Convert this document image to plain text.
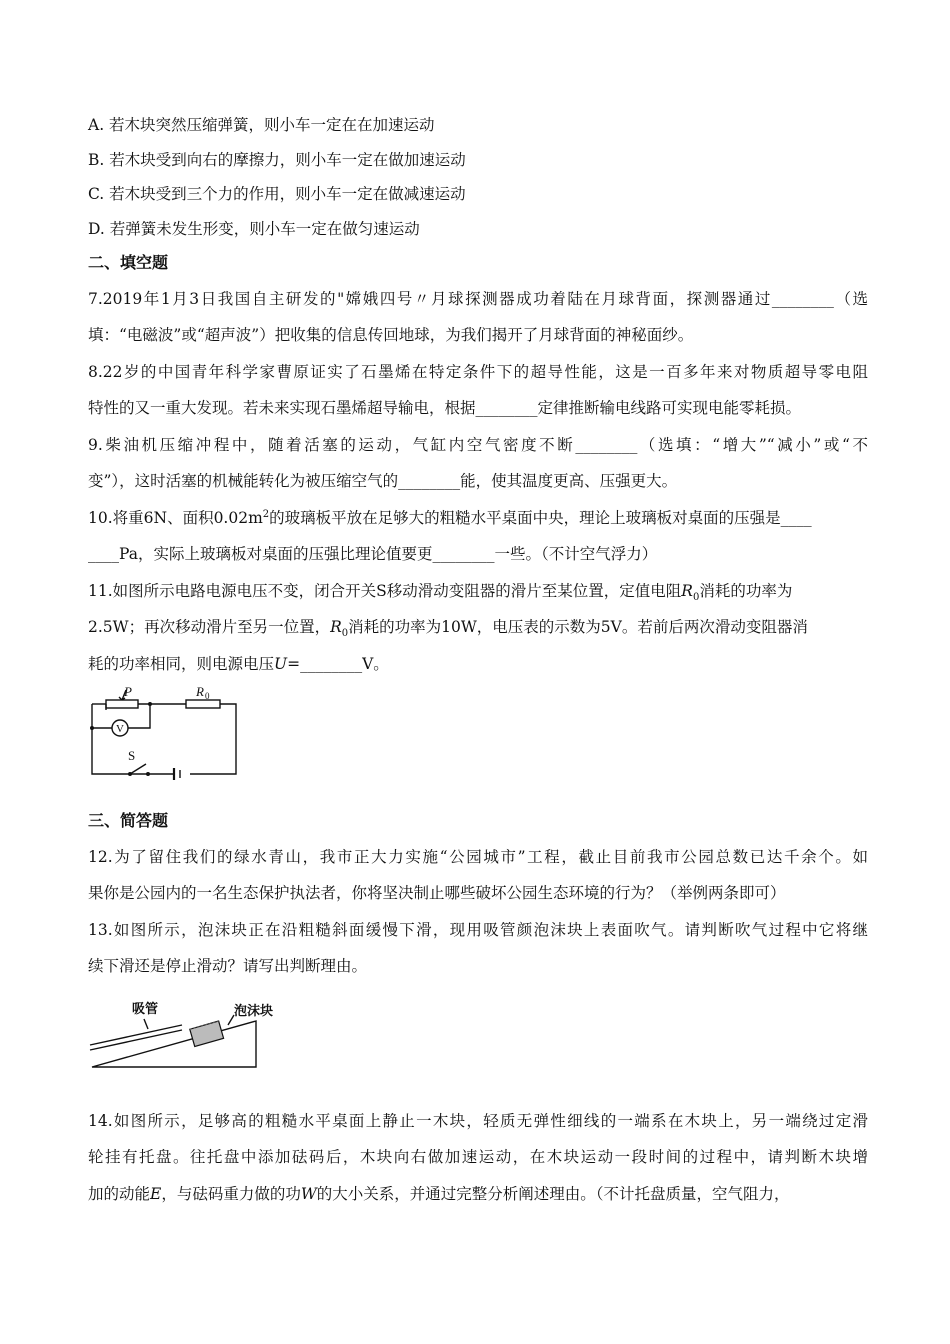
A. 若木块突然压缩弹簧，则小车一定在在加速运动
B. 若木块受到向右的摩擦力，则小车一定在做加速运动
C. 若木块受到三个力的作用，则小车一定在做减速运动
D. 若弹簧未发生形变，则小车一定在做匀速运动
二、填空题
7.2019年1月3日我国自主研发的"嫦娥四号〃月球探测器成功着陆在月球背面，探测器通过________（选
填：“电磁波”或“超声波”）把收集的信息传回地球，为我们揭开了月球背面的神秘面纱。
8.22岁的中国青年科学家曹原证实了石墨烯在特定条件下的超导性能，这是一百多年来对物质超导零电阻
特性的又一重大发现。若未来实现石墨烯超导输电，根据________定律推断输电线路可实现电能零耗损。
9.柴油机压缩冲程中，随着活塞的运动，气缸内空气密度不断________（选填：“增大”“减小”或“不
变”），这时活塞的机械能转化为被压缩空气的________能，使其温度更高、压强更大。
10.将重6N、面积$0.02m^2$的玻璃板平放在足够大的粗糙水平桌面中央，理论上玻璃板对桌面的压强是____
____Pa，实际上玻璃板对桌面的压强比理论值要更________一些。（不计空气浮力）
11.如图所示电路电源电压不变，闭合开关S移动滑动变阻器的滑片至某位置，定值电阻$R_0$消耗的功率为
2.5W；再次移动滑片至另一位置，$R_0$消耗的功率为10W，电压表的示数为5V。若前后两次滑动变阻器消
耗的功率相同，则电源电压U=________V。
P	R 0
V
S
三、简答题
12.为了留住我们的绿水青山，我市正大力实施“公园城市”工程，截止目前我市公园总数已达千余个。如
果你是公园内的一名生态保护执法者，你将坚决制止哪些破坏公园生态环境的行为？（举例两条即可）
13.如图所示，泡沫块正在沿粗糙斜面缓慢下滑，现用吸管颜泡沫块上表面吹气。请判断吹气过程中它将继
续下滑还是停止滑动？请写出判断理由。
吸管	泡沫块
14.如图所示，足够高的粗糙水平桌面上静止一木块，轻质无弹性细线的一端系在木块上，另一端绕过定滑
轮挂有托盘。往托盘中添加砝码后，木块向右做加速运动，在木块运动一段时间的过程中，请判断木块增
加的动能E，与砝码重力做的功W的大小关系，并通过完整分析阐述理由。（不计托盘质量，空气阻力，
